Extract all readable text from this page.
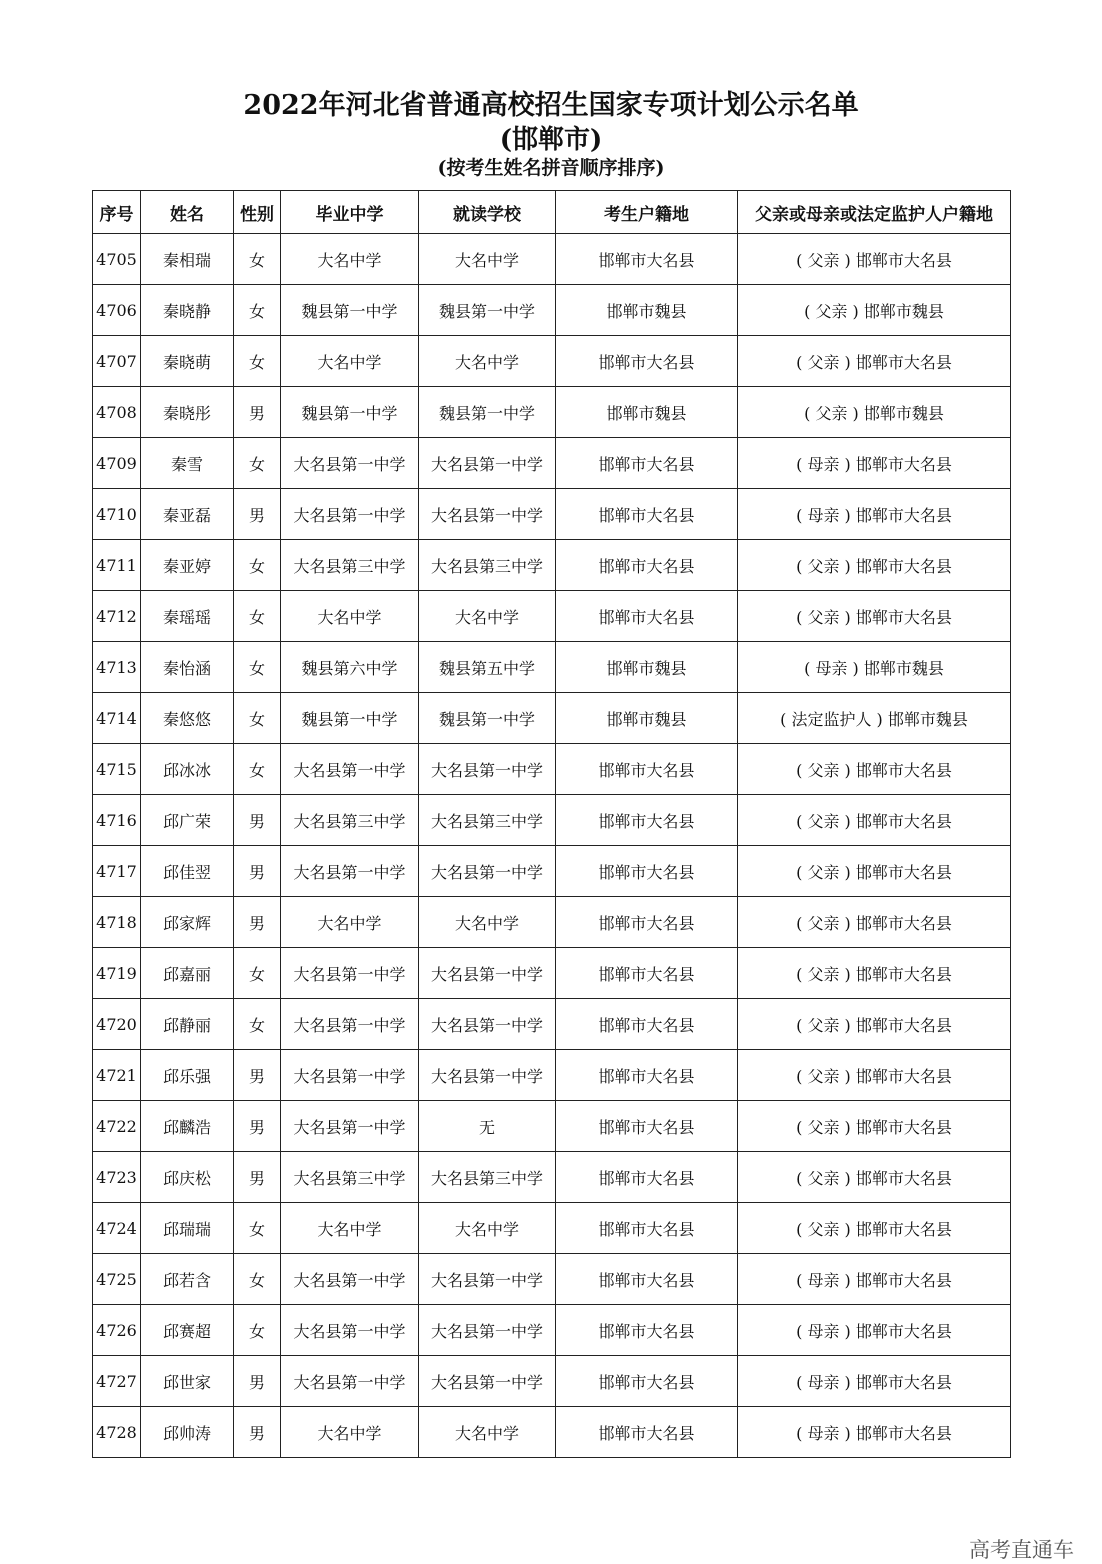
2022年河北省普通高校招生国家专项计划公示名单
(邯郸市)
(按考生姓名拼音顺序排序)
序号	姓名	性别	毕业中学	就读学校	考生户籍地	父亲或母亲或法定监护人户籍地
4705	秦相瑞	女	大名中学	大名中学	邯郸市大名县	( 父亲 ) 邯郸市大名县
4706	秦晓静	女	魏县第一中学	魏县第一中学	邯郸市魏县	( 父亲 ) 邯郸市魏县
4707	秦晓萌	女	大名中学	大名中学	邯郸市大名县	( 父亲 ) 邯郸市大名县
4708	秦晓彤	男	魏县第一中学	魏县第一中学	邯郸市魏县	( 父亲 ) 邯郸市魏县
4709	秦雪	女	大名县第一中学	大名县第一中学	邯郸市大名县	( 母亲 ) 邯郸市大名县
4710	秦亚磊	男	大名县第一中学	大名县第一中学	邯郸市大名县	( 母亲 ) 邯郸市大名县
4711	秦亚婷	女	大名县第三中学	大名县第三中学	邯郸市大名县	( 父亲 ) 邯郸市大名县
4712	秦瑶瑶	女	大名中学	大名中学	邯郸市大名县	( 父亲 ) 邯郸市大名县
4713	秦怡涵	女	魏县第六中学	魏县第五中学	邯郸市魏县	( 母亲 ) 邯郸市魏县
4714	秦悠悠	女	魏县第一中学	魏县第一中学	邯郸市魏县	( 法定监护人 ) 邯郸市魏县
4715	邱冰冰	女	大名县第一中学	大名县第一中学	邯郸市大名县	( 父亲 ) 邯郸市大名县
4716	邱广荣	男	大名县第三中学	大名县第三中学	邯郸市大名县	( 父亲 ) 邯郸市大名县
4717	邱佳翌	男	大名县第一中学	大名县第一中学	邯郸市大名县	( 父亲 ) 邯郸市大名县
4718	邱家辉	男	大名中学	大名中学	邯郸市大名县	( 父亲 ) 邯郸市大名县
4719	邱嘉丽	女	大名县第一中学	大名县第一中学	邯郸市大名县	( 父亲 ) 邯郸市大名县
4720	邱静丽	女	大名县第一中学	大名县第一中学	邯郸市大名县	( 父亲 ) 邯郸市大名县
4721	邱乐强	男	大名县第一中学	大名县第一中学	邯郸市大名县	( 父亲 ) 邯郸市大名县
4722	邱麟浩	男	大名县第一中学	无	邯郸市大名县	( 父亲 ) 邯郸市大名县
4723	邱庆松	男	大名县第三中学	大名县第三中学	邯郸市大名县	( 父亲 ) 邯郸市大名县
4724	邱瑞瑞	女	大名中学	大名中学	邯郸市大名县	( 父亲 ) 邯郸市大名县
4725	邱若含	女	大名县第一中学	大名县第一中学	邯郸市大名县	( 母亲 ) 邯郸市大名县
4726	邱赛超	女	大名县第一中学	大名县第一中学	邯郸市大名县	( 母亲 ) 邯郸市大名县
4727	邱世家	男	大名县第一中学	大名县第一中学	邯郸市大名县	( 母亲 ) 邯郸市大名县
4728	邱帅涛	男	大名中学	大名中学	邯郸市大名县	( 母亲 ) 邯郸市大名县
高考直通车
